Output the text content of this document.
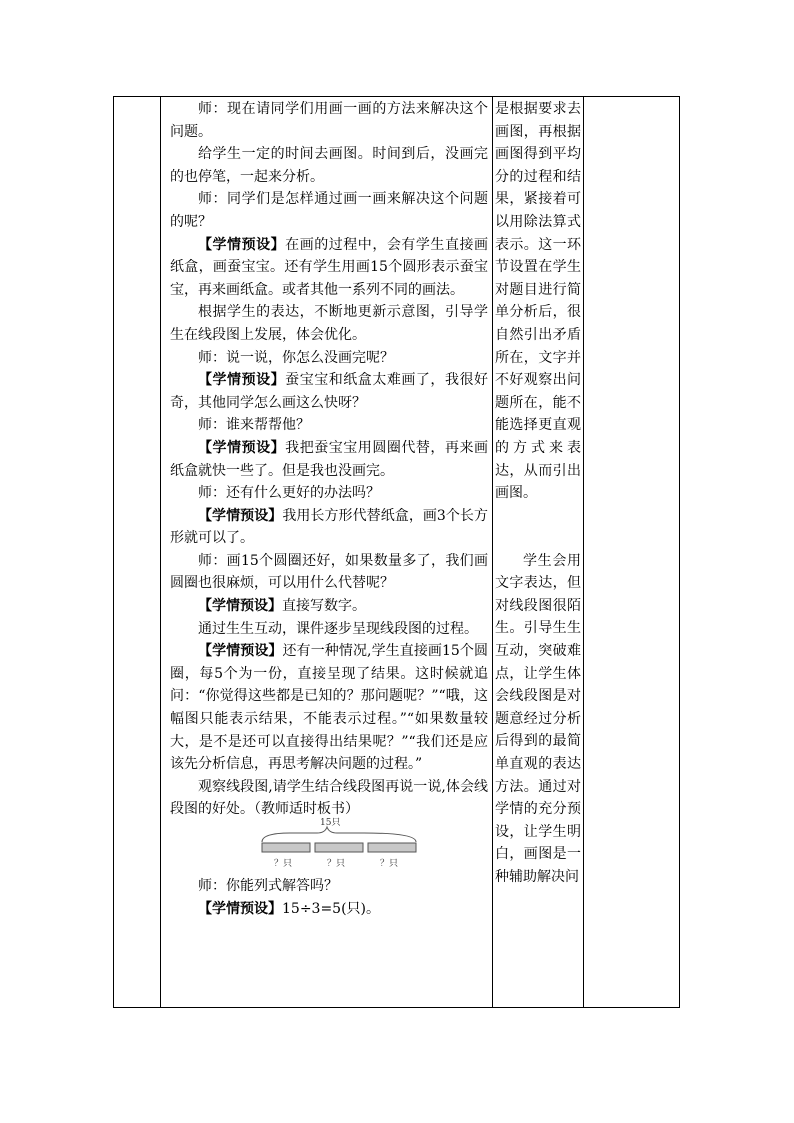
师：现在请同学们用画一画的方法来解决这个问题。

给学生一定的时间去画图。时间到后，没画完的也停笔，一起来分析。

师：同学们是怎样通过画一画来解决这个问题的呢？

【学情预设】在画的过程中，会有学生直接画纸盒，画蚕宝宝。还有学生用画15个圆形表示蚕宝宝，再来画纸盒。或者其他一系列不同的画法。

根据学生的表达，不断地更新示意图，引导学生在线段图上发展，体会优化。

师：说一说，你怎么没画完呢？

【学情预设】蚕宝宝和纸盒太难画了，我很好奇，其他同学怎么画这么快呀？

师：谁来帮帮他？

【学情预设】我把蚕宝宝用圆圈代替，再来画纸盒就快一些了。但是我也没画完。

师：还有什么更好的办法吗？

【学情预设】我用长方形代替纸盒，画3个长方形就可以了。

师：画15个圆圈还好，如果数量多了，我们画圆圈也很麻烦，可以用什么代替呢？

【学情预设】直接写数字。

通过生生互动，课件逐步呈现线段图的过程。

【学情预设】还有一种情况,学生直接画15个圆圈，每5个为一份，直接呈现了结果。这时候就追问：“你觉得这些都是已知的？那问题呢？”“哦，这幅图只能表示结果，不能表示过程。”“如果数量较大，是不是还可以直接得出结果呢？”“我们还是应该先分析信息，再思考解决问题的过程。”

观察线段图,请学生结合线段图再说一说,体会线段图的好处。（教师适时板书）

15只
？只	？只	？只

师：你能列式解答吗？

【学情预设】15÷3=5(只)。

是根据要求去画图，再根据画图得到平均分的过程和结果，紧接着可以用除法算式表示。这一环节设置在学生对题目进行简单分析后，很自然引出矛盾所在，文字并不好观察出问题所在，能不能选择更直观的方式来表达，从而引出画图。

学生会用文字表达，但对线段图很陌生。引导生生互动，突破难点，让学生体会线段图是对题意经过分析后得到的最简单直观的表达方法。通过对学情的充分预设，让学生明白，画图是一种辅助解决问
